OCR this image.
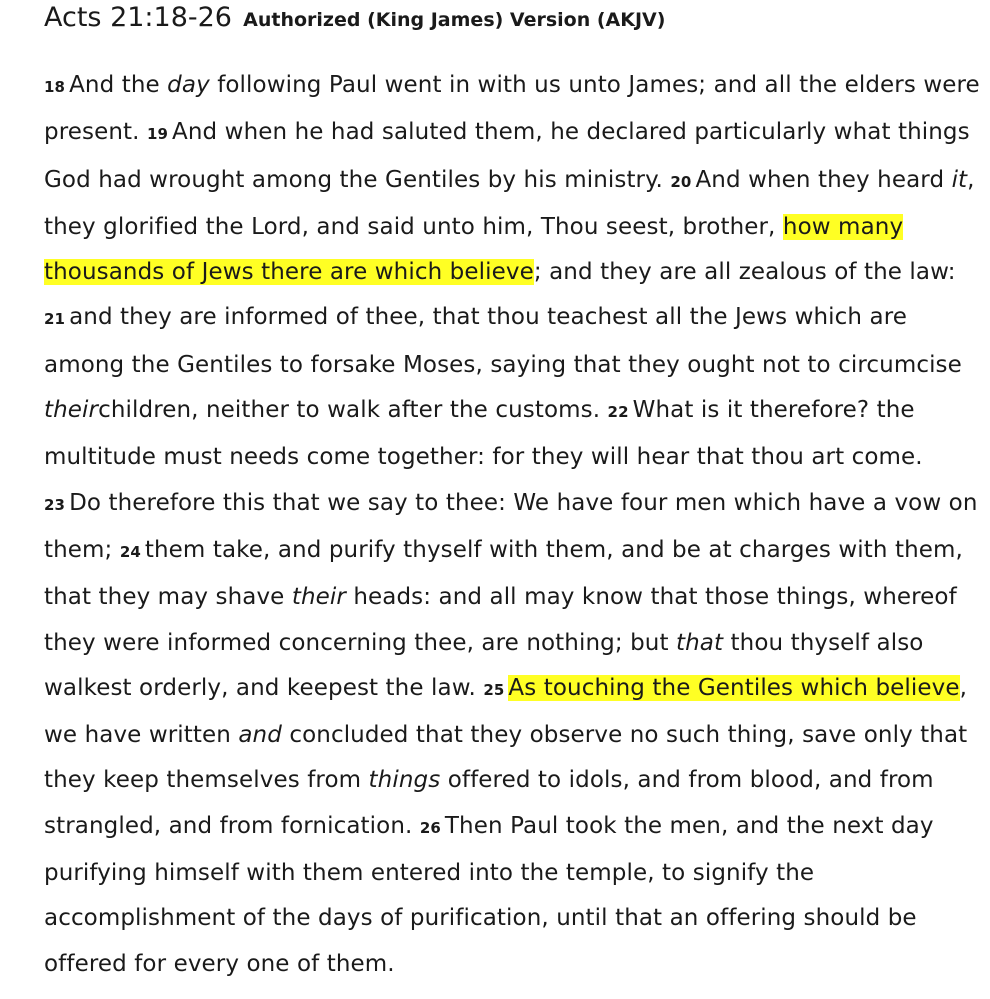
Acts 21:18-26 Authorized (King James) Version (AKJV)

18 And the day following Paul went in with us unto James; and all the elders were present. 19 And when he had saluted them, he declared particularly what things God had wrought among the Gentiles by his ministry. 20 And when they heard it, they glorified the Lord, and said unto him, Thou seest, brother, how many thousands of Jews there are which believe; and they are all zealous of the law: 21 and they are informed of thee, that thou teachest all the Jews which are among the Gentiles to forsake Moses, saying that they ought not to circumcise theirchildren, neither to walk after the customs. 22 What is it therefore? the multitude must needs come together: for they will hear that thou art come. 23 Do therefore this that we say to thee: We have four men which have a vow on them; 24 them take, and purify thyself with them, and be at charges with them, that they may shave their heads: and all may know that those things, whereof they were informed concerning thee, are nothing; but that thou thyself also walkest orderly, and keepest the law. 25 As touching the Gentiles which believe, we have written and concluded that they observe no such thing, save only that they keep themselves from things offered to idols, and from blood, and from strangled, and from fornication. 26 Then Paul took the men, and the next day purifying himself with them entered into the temple, to signify the accomplishment of the days of purification, until that an offering should be offered for every one of them.
